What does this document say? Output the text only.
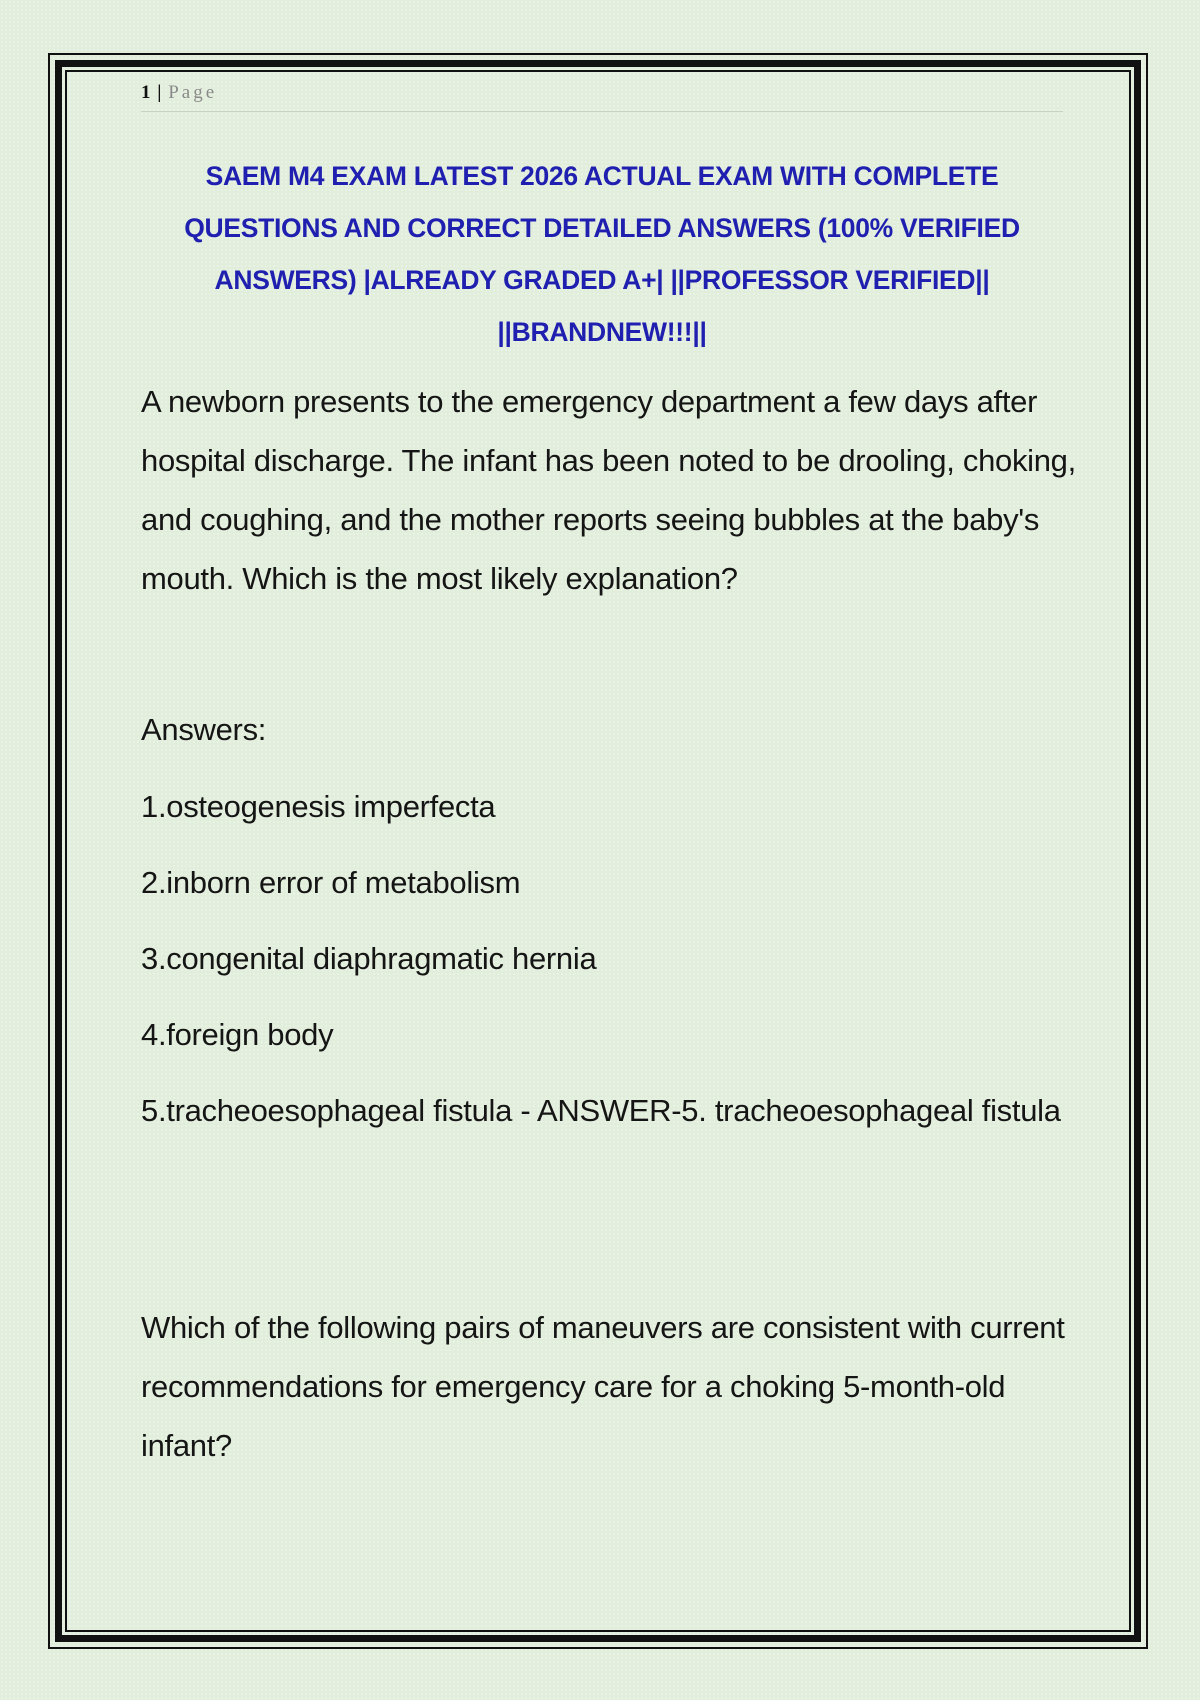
1 | Page
SAEM M4 EXAM LATEST 2026 ACTUAL EXAM WITH COMPLETE QUESTIONS AND CORRECT DETAILED ANSWERS (100% VERIFIED ANSWERS) |ALREADY GRADED A+| ||PROFESSOR VERIFIED|| ||BRANDNEW!!!||

A newborn presents to the emergency department a few days after hospital discharge. The infant has been noted to be drooling, choking, and coughing, and the mother reports seeing bubbles at the baby's mouth. Which is the most likely explanation?

Answers:

1.osteogenesis imperfecta

2.inborn error of metabolism

3.congenital diaphragmatic hernia

4.foreign body

5.tracheoesophageal fistula - ANSWER-5. tracheoesophageal fistula

Which of the following pairs of maneuvers are consistent with current recommendations for emergency care for a choking 5-month-old infant?
